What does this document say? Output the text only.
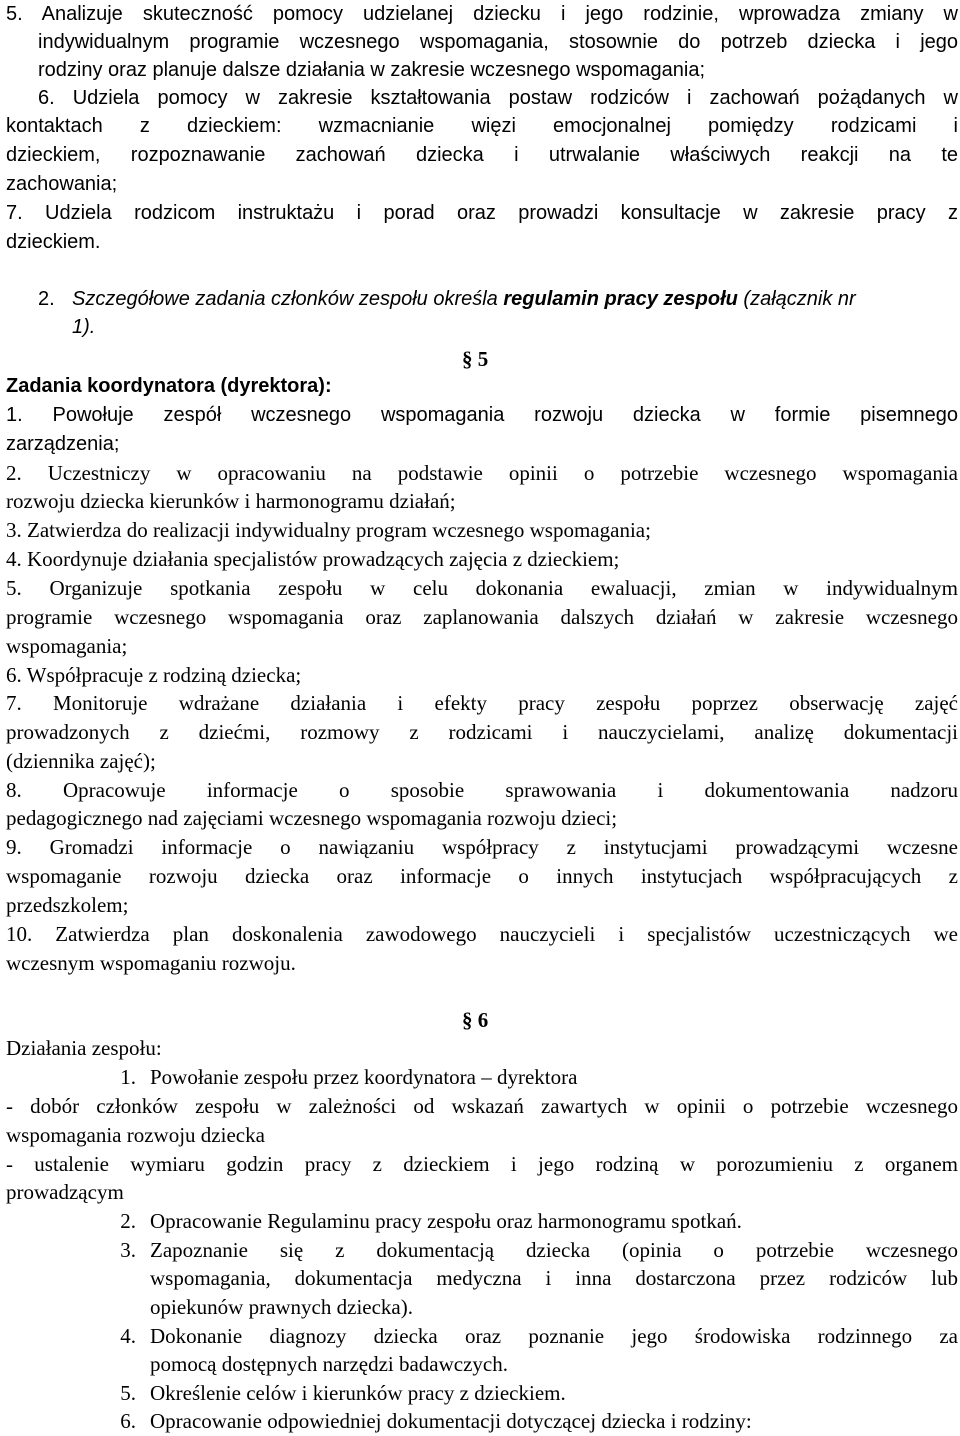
5. Analizuje skuteczność pomocy udzielanej dziecku i jego rodzinie, wprowadza zmiany w
indywidualnym programie wczesnego wspomagania, stosownie do potrzeb dziecka i jego
rodziny oraz planuje dalsze działania w zakresie wczesnego wspomagania;
6. Udziela pomocy w zakresie kształtowania postaw rodziców i zachowań pożądanych w
kontaktach z dzieckiem: wzmacnianie więzi emocjonalnej pomiędzy rodzicami i
dzieckiem, rozpoznawanie zachowań dziecka i utrwalanie właściwych reakcji na te
zachowania;
7. Udziela rodzicom instruktażu i porad oraz prowadzi konsultacje w zakresie pracy z
dzieckiem.
2. Szczegółowe zadania członków zespołu określa regulamin pracy zespołu (załącznik nr
1).
§ 5
Zadania koordynatora (dyrektora):
1. Powołuje zespół wczesnego wspomagania rozwoju dziecka w formie pisemnego
zarządzenia;
2. Uczestniczy w opracowaniu na podstawie opinii o potrzebie wczesnego wspomagania
rozwoju dziecka kierunków i harmonogramu działań;
3. Zatwierdza do realizacji indywidualny program wczesnego wspomagania;
4. Koordynuje działania specjalistów prowadzących zajęcia z dzieckiem;
5. Organizuje spotkania zespołu w celu dokonania ewaluacji, zmian w indywidualnym
programie wczesnego wspomagania oraz zaplanowania dalszych działań w zakresie wczesnego
wspomagania;
6. Współpracuje z rodziną dziecka;
7. Monitoruje wdrażane działania i efekty pracy zespołu poprzez obserwację zajęć
prowadzonych z dziećmi, rozmowy z rodzicami i nauczycielami, analizę dokumentacji
(dziennika zajęć);
8. Opracowuje informacje o sposobie sprawowania i dokumentowania nadzoru
pedagogicznego nad zajęciami wczesnego wspomagania rozwoju dzieci;
9. Gromadzi informacje o nawiązaniu współpracy z instytucjami prowadzącymi wczesne
wspomaganie rozwoju dziecka oraz informacje o innych instytucjach współpracujących z
przedszkolem;
10. Zatwierdza plan doskonalenia zawodowego nauczycieli i specjalistów uczestniczących we
wczesnym wspomaganiu rozwoju.
§ 6
Działania zespołu:
1. Powołanie zespołu przez koordynatora – dyrektora
- dobór członków zespołu w zależności od wskazań zawartych w opinii o potrzebie wczesnego
wspomagania rozwoju dziecka
- ustalenie wymiaru godzin pracy z dzieckiem i jego rodziną w porozumieniu z organem
prowadzącym
2. Opracowanie Regulaminu pracy zespołu oraz harmonogramu spotkań.
3. Zapoznanie się z dokumentacją dziecka (opinia o potrzebie wczesnego
wspomagania, dokumentacja medyczna i inna dostarczona przez rodziców lub
opiekunów prawnych dziecka).
4. Dokonanie diagnozy dziecka oraz poznanie jego środowiska rodzinnego za
pomocą dostępnych narzędzi badawczych.
5. Określenie celów i kierunków pracy z dzieckiem.
6. Opracowanie odpowiedniej dokumentacji dotyczącej dziecka i rodziny:
